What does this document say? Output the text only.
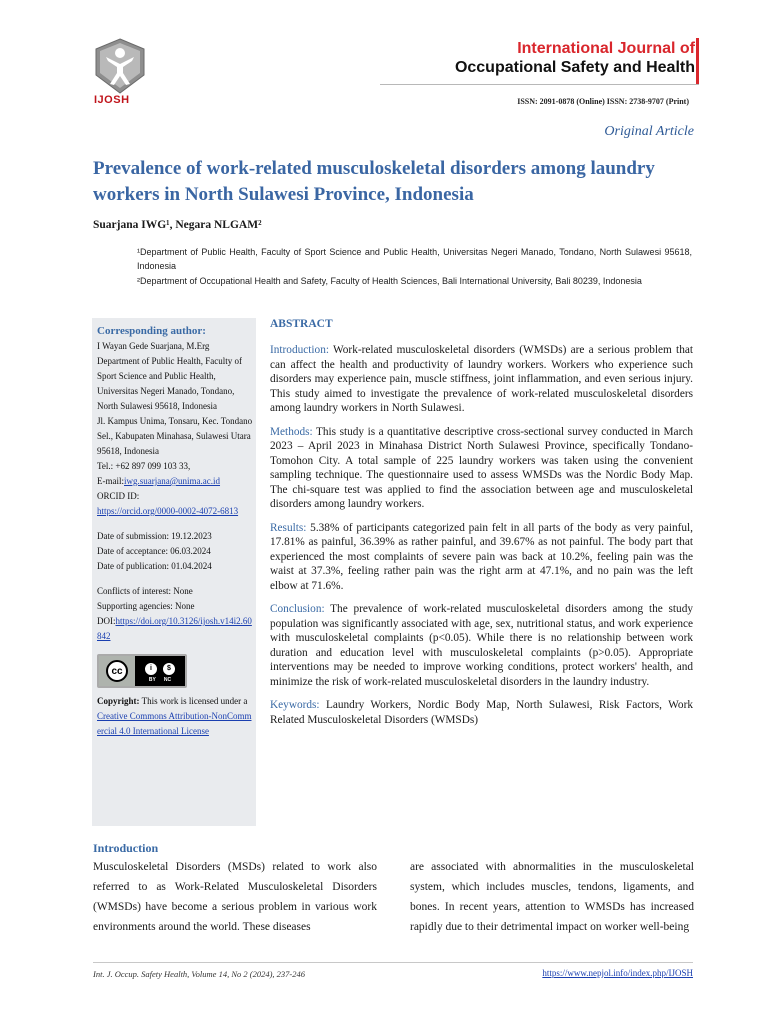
IJOSH
International Journal of
Occupational Safety and Health
ISSN: 2091-0878 (Online) ISSN: 2738-9707 (Print)
Original Article
Prevalence of work-related musculoskeletal disorders among laundry workers in North Sulawesi Province, Indonesia
Suarjana IWG¹, Negara NLGAM²
¹Department of Public Health, Faculty of Sport Science and Public Health, Universitas Negeri Manado, Tondano, North Sulawesi 95618, Indonesia
²Department of Occupational Health and Safety, Faculty of Health Sciences, Bali International University, Bali 80239, Indonesia
Corresponding author:
I Wayan Gede Suarjana, M.Erg
Department of Public Health, Faculty of Sport Science and Public Health,
Universitas Negeri Manado, Tondano, North Sulawesi 95618, Indonesia
Jl. Kampus Unima, Tonsaru, Kec. Tondano Sel., Kabupaten Minahasa, Sulawesi Utara 95618, Indonesia
Tel.: +62 897 099 103 33,
E-mail:iwg.suarjana@unima.ac.id
ORCID ID:
https://orcid.org/0000-0002-4072-6813
Date of submission: 19.12.2023
Date of acceptance: 06.03.2024
Date of publication: 01.04.2024
Conflicts of interest: None
Supporting agencies: None
DOI:https://doi.org/10.3126/ijosh.v14i2.60842
cc	i	$
BY NC
Copyright: This work is licensed under a Creative Commons Attribution-NonCommercial 4.0 International License
ABSTRACT

Introduction: Work-related musculoskeletal disorders (WMSDs) are a serious problem that can affect the health and productivity of laundry workers. Workers who experience such disorders may experience pain, muscle stiffness, joint inflammation, and even serious injury. This study aimed to investigate the prevalence of work-related musculoskeletal disorders among laundry workers in North Sulawesi.

Methods: This study is a quantitative descriptive cross-sectional survey conducted in March 2023 – April 2023 in Minahasa District North Sulawesi Province, specifically Tondano-Tomohon City. A total sample of 225 laundry workers was taken using the convenient sampling technique. The questionnaire used to assess WMSDs was the Nordic Body Map. The chi-square test was applied to find the association between age and musculoskeletal disorders among laundry workers.

Results: 5.38% of participants categorized pain felt in all parts of the body as very painful, 17.81% as painful, 36.39% as rather painful, and 39.67% as not painful. The body part that experienced the most complaints of severe pain was back at 10.2%, feeling pain was the waist at 37.3%, feeling rather pain was the right arm at 47.1%, and no pain was the left elbow at 71.6%.

Conclusion: The prevalence of work-related musculoskeletal disorders among the study population was significantly associated with age, sex, nutritional status, and work experience with musculoskeletal complaints (p<0.05). While there is no relationship between work duration and education level with musculoskeletal complaints (p>0.05). Appropriate interventions may be needed to improve working conditions, protect workers' health, and minimize the risk of work-related musculoskeletal disorders in the laundry industry.

Keywords: Laundry Workers, Nordic Body Map, North Sulawesi, Risk Factors, Work Related Musculoskeletal Disorders (WMSDs)

Introduction
Musculoskeletal Disorders (MSDs) related to work also referred to as Work-Related Musculoskeletal Disorders (WMSDs) have become a serious problem in various work environments around the world. These diseases
are associated with abnormalities in the musculoskeletal system, which includes muscles, tendons, ligaments, and bones. In recent years, attention to WMSDs has increased rapidly due to their detrimental impact on worker well-being
Int. J. Occup. Safety Health, Volume 14, No 2 (2024), 237-246	https://www.nepjol.info/index.php/IJOSH
